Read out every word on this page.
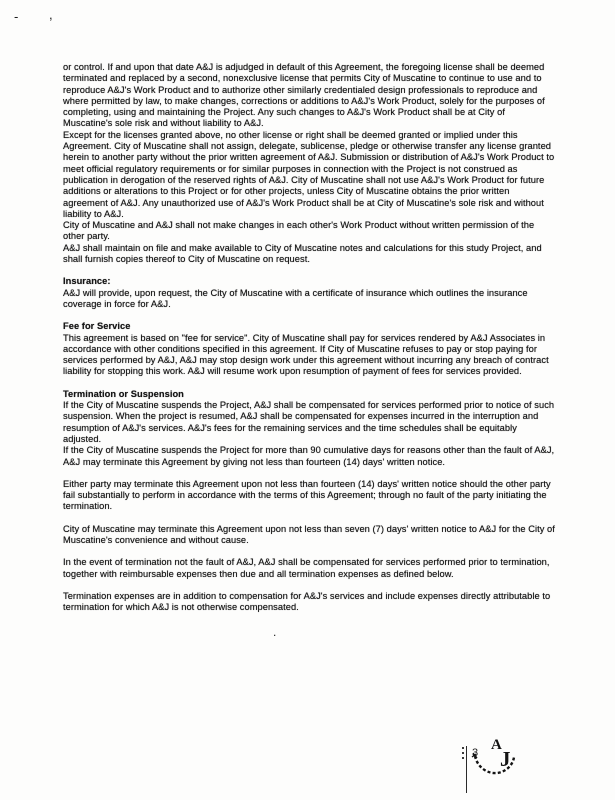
- ,

or control. If and upon that date A&J is adjudged in default of this Agreement, the foregoing license shall be deemed terminated and replaced by a second, nonexclusive license that permits City of Muscatine to continue to use and to reproduce A&J's Work Product and to authorize other similarly credentialed design professionals to reproduce and where permitted by law, to make changes, corrections or additions to A&J's Work Product, solely for the purposes of completing, using and maintaining the Project. Any such changes to A&J's Work Product shall be at City of Muscatine's sole risk and without liability to A&J.

Except for the licenses granted above, no other license or right shall be deemed granted or implied under this Agreement. City of Muscatine shall not assign, delegate, sublicense, pledge or otherwise transfer any license granted herein to another party without the prior written agreement of A&J. Submission or distribution of A&J's Work Product to meet official regulatory requirements or for similar purposes in connection with the Project is not construed as publication in derogation of the reserved rights of A&J. City of Muscatine shall not use A&J's Work Product for future additions or alterations to this Project or for other projects, unless City of Muscatine obtains the prior written agreement of A&J. Any unauthorized use of A&J's Work Product shall be at City of Muscatine's sole risk and without liability to A&J.

City of Muscatine and A&J shall not make changes in each other's Work Product without written permission of the other party.

A&J shall maintain on file and make available to City of Muscatine notes and calculations for this study Project, and shall furnish copies thereof to City of Muscatine on request.

Insurance:

A&J will provide, upon request, the City of Muscatine with a certificate of insurance which outlines the insurance coverage in force for A&J.

Fee for Service

This agreement is based on "fee for service". City of Muscatine shall pay for services rendered by A&J Associates in accordance with other conditions specified in this agreement. If City of Muscatine refuses to pay or stop paying for services performed by A&J, A&J may stop design work under this agreement without incurring any breach of contract liability for stopping this work. A&J will resume work upon resumption of payment of fees for services provided.

Termination or Suspension

If the City of Muscatine suspends the Project, A&J shall be compensated for services performed prior to notice of such suspension. When the project is resumed, A&J shall be compensated for expenses incurred in the interruption and resumption of A&J's services. A&J's fees for the remaining services and the time schedules shall be equitably adjusted.

If the City of Muscatine suspends the Project for more than 90 cumulative days for reasons other than the fault of A&J, A&J may terminate this Agreement by giving not less than fourteen (14) days' written notice.

Either party may terminate this Agreement upon not less than fourteen (14) days' written notice should the other party fail substantially to perform in accordance with the terms of this Agreement; through no fault of the party initiating the termination.

City of Muscatine may terminate this Agreement upon not less than seven (7) days' written notice to A&J for the City of Muscatine's convenience and without cause.

In the event of termination not the fault of A&J, A&J shall be compensated for services performed prior to termination, together with reimbursable expenses then due and all termination expenses as defined below.

Termination expenses are in addition to compensation for A&J's services and include expenses directly attributable to termination for which A&J is not otherwise compensated.

.
3 A
J
